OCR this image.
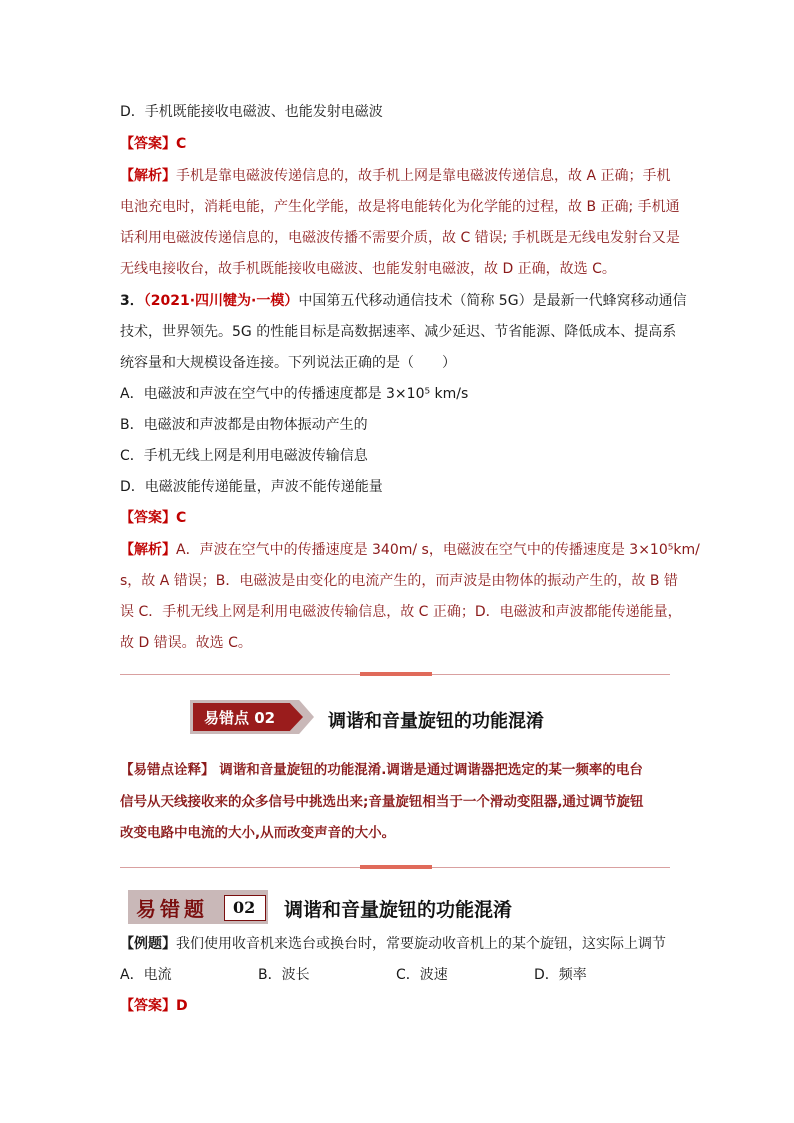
D．手机既能接收电磁波、也能发射电磁波
【答案】C
【解析】手机是靠电磁波传递信息的，故手机上网是靠电磁波传递信息，故 A 正确；手机
电池充电时，消耗电能，产生化学能，故是将电能转化为化学能的过程，故 B 正确; 手机通
话利用电磁波传递信息的，电磁波传播不需要介质，故 C 错误; 手机既是无线电发射台又是
无线电接收台，故手机既能接收电磁波、也能发射电磁波，故 D 正确，故选 C。
3．（2021·四川犍为·一模）中国第五代移动通信技术（简称 5G）是最新一代蜂窝移动通信
技术，世界领先。5G 的性能目标是高数据速率、减少延迟、节省能源、降低成本、提高系
统容量和大规模设备连接。下列说法正确的是（　　）
A．电磁波和声波在空气中的传播速度都是 3×10⁵ km/s
B．电磁波和声波都是由物体振动产生的
C．手机无线上网是利用电磁波传输信息
D．电磁波能传递能量，声波不能传递能量
【答案】C
【解析】A．声波在空气中的传播速度是 340m/ s，电磁波在空气中的传播速度是 3×10⁵km/
s，故 A 错误；B．电磁波是由变化的电流产生的，而声波是由物体的振动产生的，故 B 错
误 C．手机无线上网是利用电磁波传输信息，故 C 正确；D．电磁波和声波都能传递能量，
故 D 错误。故选 C。
易错点 02	调谐和音量旋钮的功能混淆
【易错点诠释】 调谐和音量旋钮的功能混淆.调谐是通过调谐器把选定的某一频率的电台
信号从天线接收来的众多信号中挑选出来;音量旋钮相当于一个滑动变阻器,通过调节旋钮
改变电路中电流的大小,从而改变声音的大小。
易错题 02 调谐和音量旋钮的功能混淆
【例题】我们使用收音机来选台或换台时，常要旋动收音机上的某个旋钮，这实际上调节
A．电流	B．波长	C．波速	D．频率
【答案】D
